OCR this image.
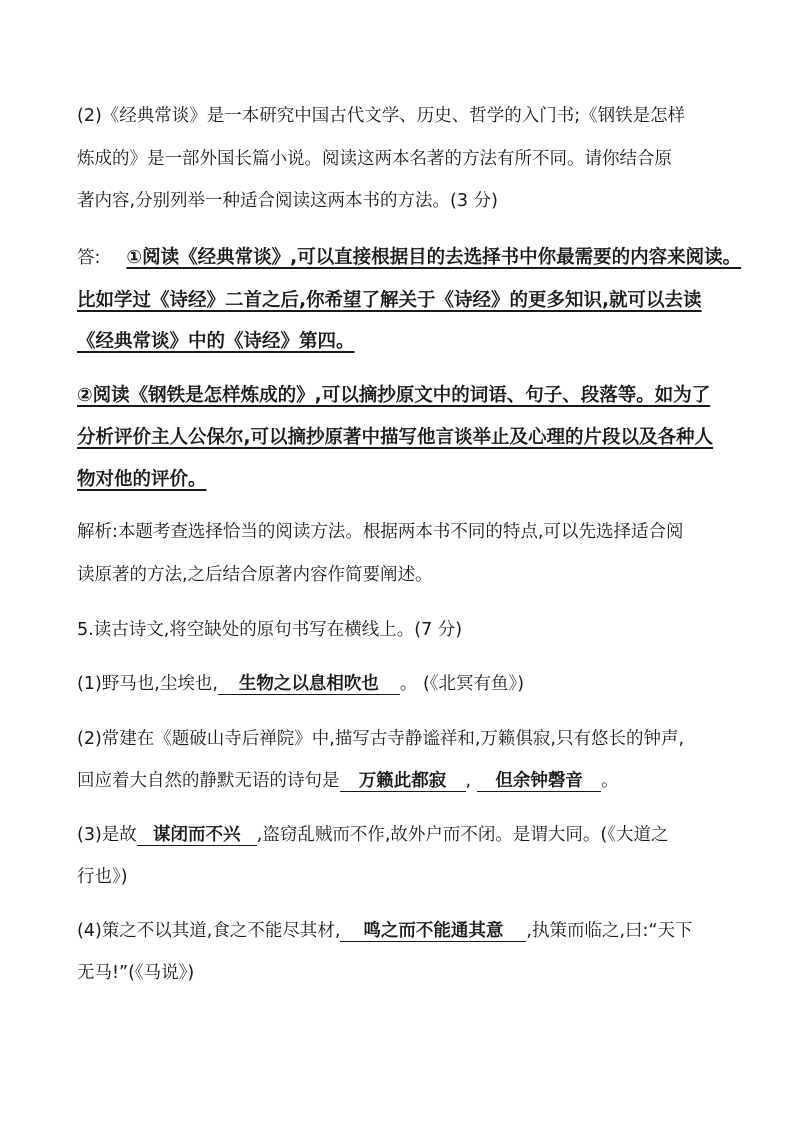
(2)《经典常谈》是一本研究中国古代文学、历史、哲学的入门书;《钢铁是怎样
炼成的》是一部外国长篇小说。阅读这两本名著的方法有所不同。请你结合原
著内容,分别列举一种适合阅读这两本书的方法。(3 分)
答: ①阅读《经典常谈》,可以直接根据目的去选择书中你最需要的内容来阅读。
比如学过《诗经》二首之后,你希望了解关于《诗经》的更多知识,就可以去读
《经典常谈》中的《诗经》第四。
②阅读《钢铁是怎样炼成的》,可以摘抄原文中的词语、句子、段落等。如为了
分析评价主人公保尔,可以摘抄原著中描写他言谈举止及心理的片段以及各种人
物对他的评价。
解析:本题考查选择恰当的阅读方法。根据两本书不同的特点,可以先选择适合阅
读原著的方法,之后结合原著内容作简要阐述。
5.读古诗文,将空缺处的原句书写在横线上。(7 分)
(1)野马也,尘埃也, 生物之以息相吹也 。 (《北冥有鱼》)
(2)常建在《题破山寺后禅院》中,描写古寺静谧祥和,万籁俱寂,只有悠长的钟声,
回应着大自然的静默无语的诗句是 万籁此都寂 , 但余钟磬音 。
(3)是故 谋闭而不兴 ,盗窃乱贼而不作,故外户而不闭。是谓大同。(《大道之
行也》)
(4)策之不以其道,食之不能尽其材, 鸣之而不能通其意 ,执策而临之,曰:“天下
无马!”(《马说》)
